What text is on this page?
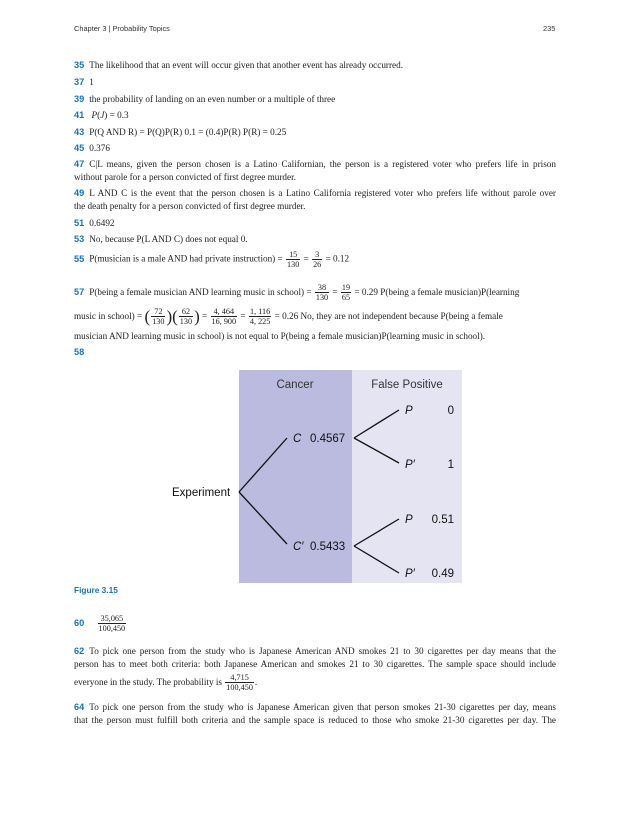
Chapter 3 | Probability Topics	235
35 The likelihood that an event will occur given that another event has already occurred.
37 1
39 the probability of landing on an even number or a multiple of three
41 P(J) = 0.3
43 P(Q AND R) = P(Q)P(R) 0.1 = (0.4)P(R) P(R) = 0.25
45 0.376
47 C|L means, given the person chosen is a Latino Californian, the person is a registered voter who prefers life in prison
without parole for a person convicted of first degree murder.
49 L AND C is the event that the person chosen is a Latino California registered voter who prefers life without parole over
the death penalty for a person convicted of first degree murder.
51 0.6492
53 No, because P(L AND C) does not equal 0.
55 P(musician is a male AND had private instruction) = $\frac{15}{130} = \frac{3}{26} = 0.12$
57 P(being a female musician AND learning music in school) = $\frac{38}{130} = \frac{19}{65} = 0.29$ P(being a female musician)P(learning
music in school) = ( $\frac{72}{130}$ )( $\frac{62}{130}$ ) = $\frac{4, 464}{16, 900} = \frac{1, 116}{4, 225} = 0.26$ No, they are not independent because P(being a female
musician AND learning music in school) is not equal to P(being a female musician)P(learning music in school).
58
Cancer	False Positive
Experiment
C 0.4567
C′ 0.5433
P	0
P′	1
P 0.51
P′ 0.49
Figure 3.15
$60 \frac{35,065}{100,450}$
62 To pick one person from the study who is Japanese American AND smokes 21 to 30 cigarettes per day means that the
person has to meet both criteria: both Japanese American and smokes 21 to 30 cigarettes. The sample space should include
everyone in the study. The probability is $\frac{4,715}{100,450}$ .
64 To pick one person from the study who is Japanese American given that person smokes 21-30 cigarettes per day, means
that the person must fulfill both criteria and the sample space is reduced to those who smoke 21-30 cigarettes per day. The
